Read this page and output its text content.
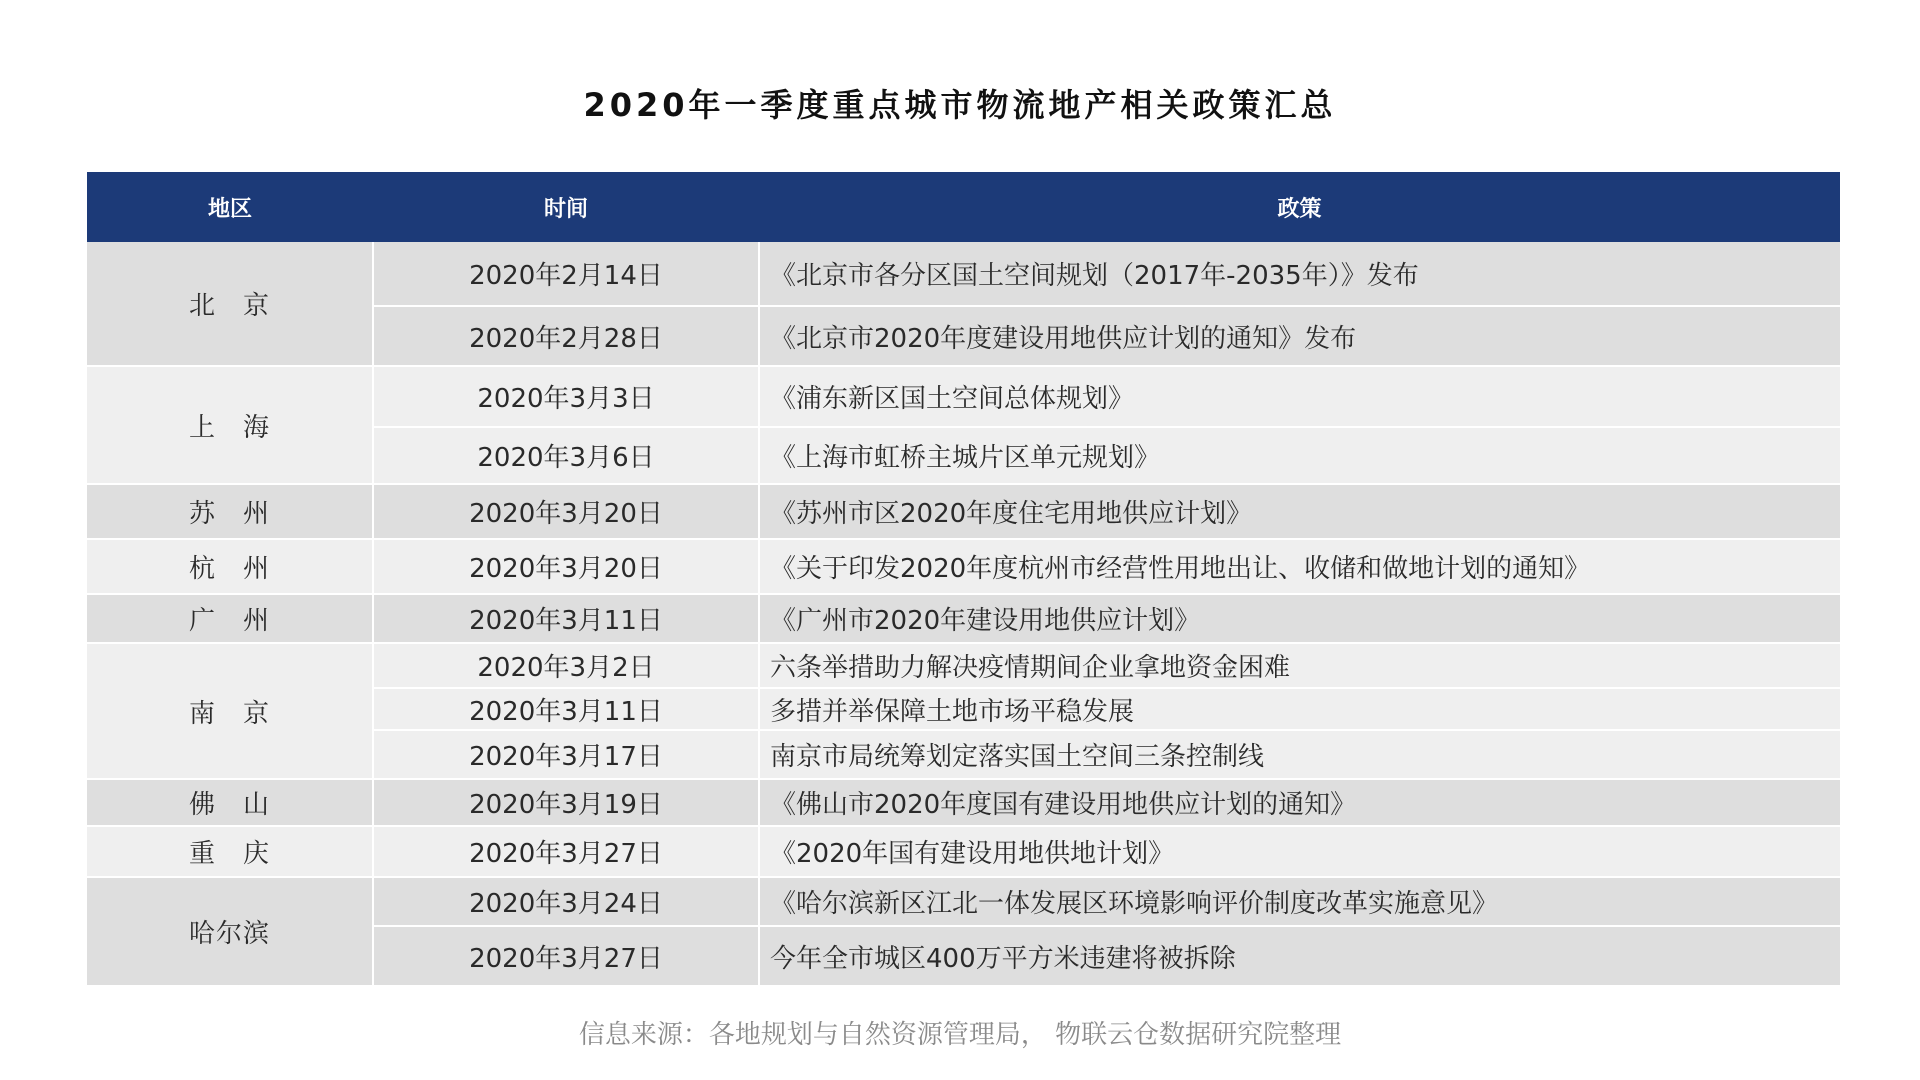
2020年一季度重点城市物流地产相关政策汇总
地区	时间	政策
北　京	2020年2月14日	《北京市各分区国土空间规划（2017年-2035年）》发布
	2020年2月28日	《北京市2020年度建设用地供应计划的通知》发布
上　海	2020年3月3日	《浦东新区国土空间总体规划》
	2020年3月6日	《上海市虹桥主城片区单元规划》
苏　州	2020年3月20日	《苏州市区2020年度住宅用地供应计划》
杭　州	2020年3月20日	《关于印发2020年度杭州市经营性用地出让、收储和做地计划的通知》
广　州	2020年3月11日	《广州市2020年建设用地供应计划》
南　京	2020年3月2日	六条举措助力解决疫情期间企业拿地资金困难
	2020年3月11日	多措并举保障土地市场平稳发展
	2020年3月17日	南京市局统筹划定落实国土空间三条控制线
佛　山	2020年3月19日	《佛山市2020年度国有建设用地供应计划的通知》
重　庆	2020年3月27日	《2020年国有建设用地供地计划》
哈尔滨	2020年3月24日	《哈尔滨新区江北一体发展区环境影响评价制度改革实施意见》
	2020年3月27日	今年全市城区400万平方米违建将被拆除
信息来源：各地规划与自然资源管理局， 物联云仓数据研究院整理
